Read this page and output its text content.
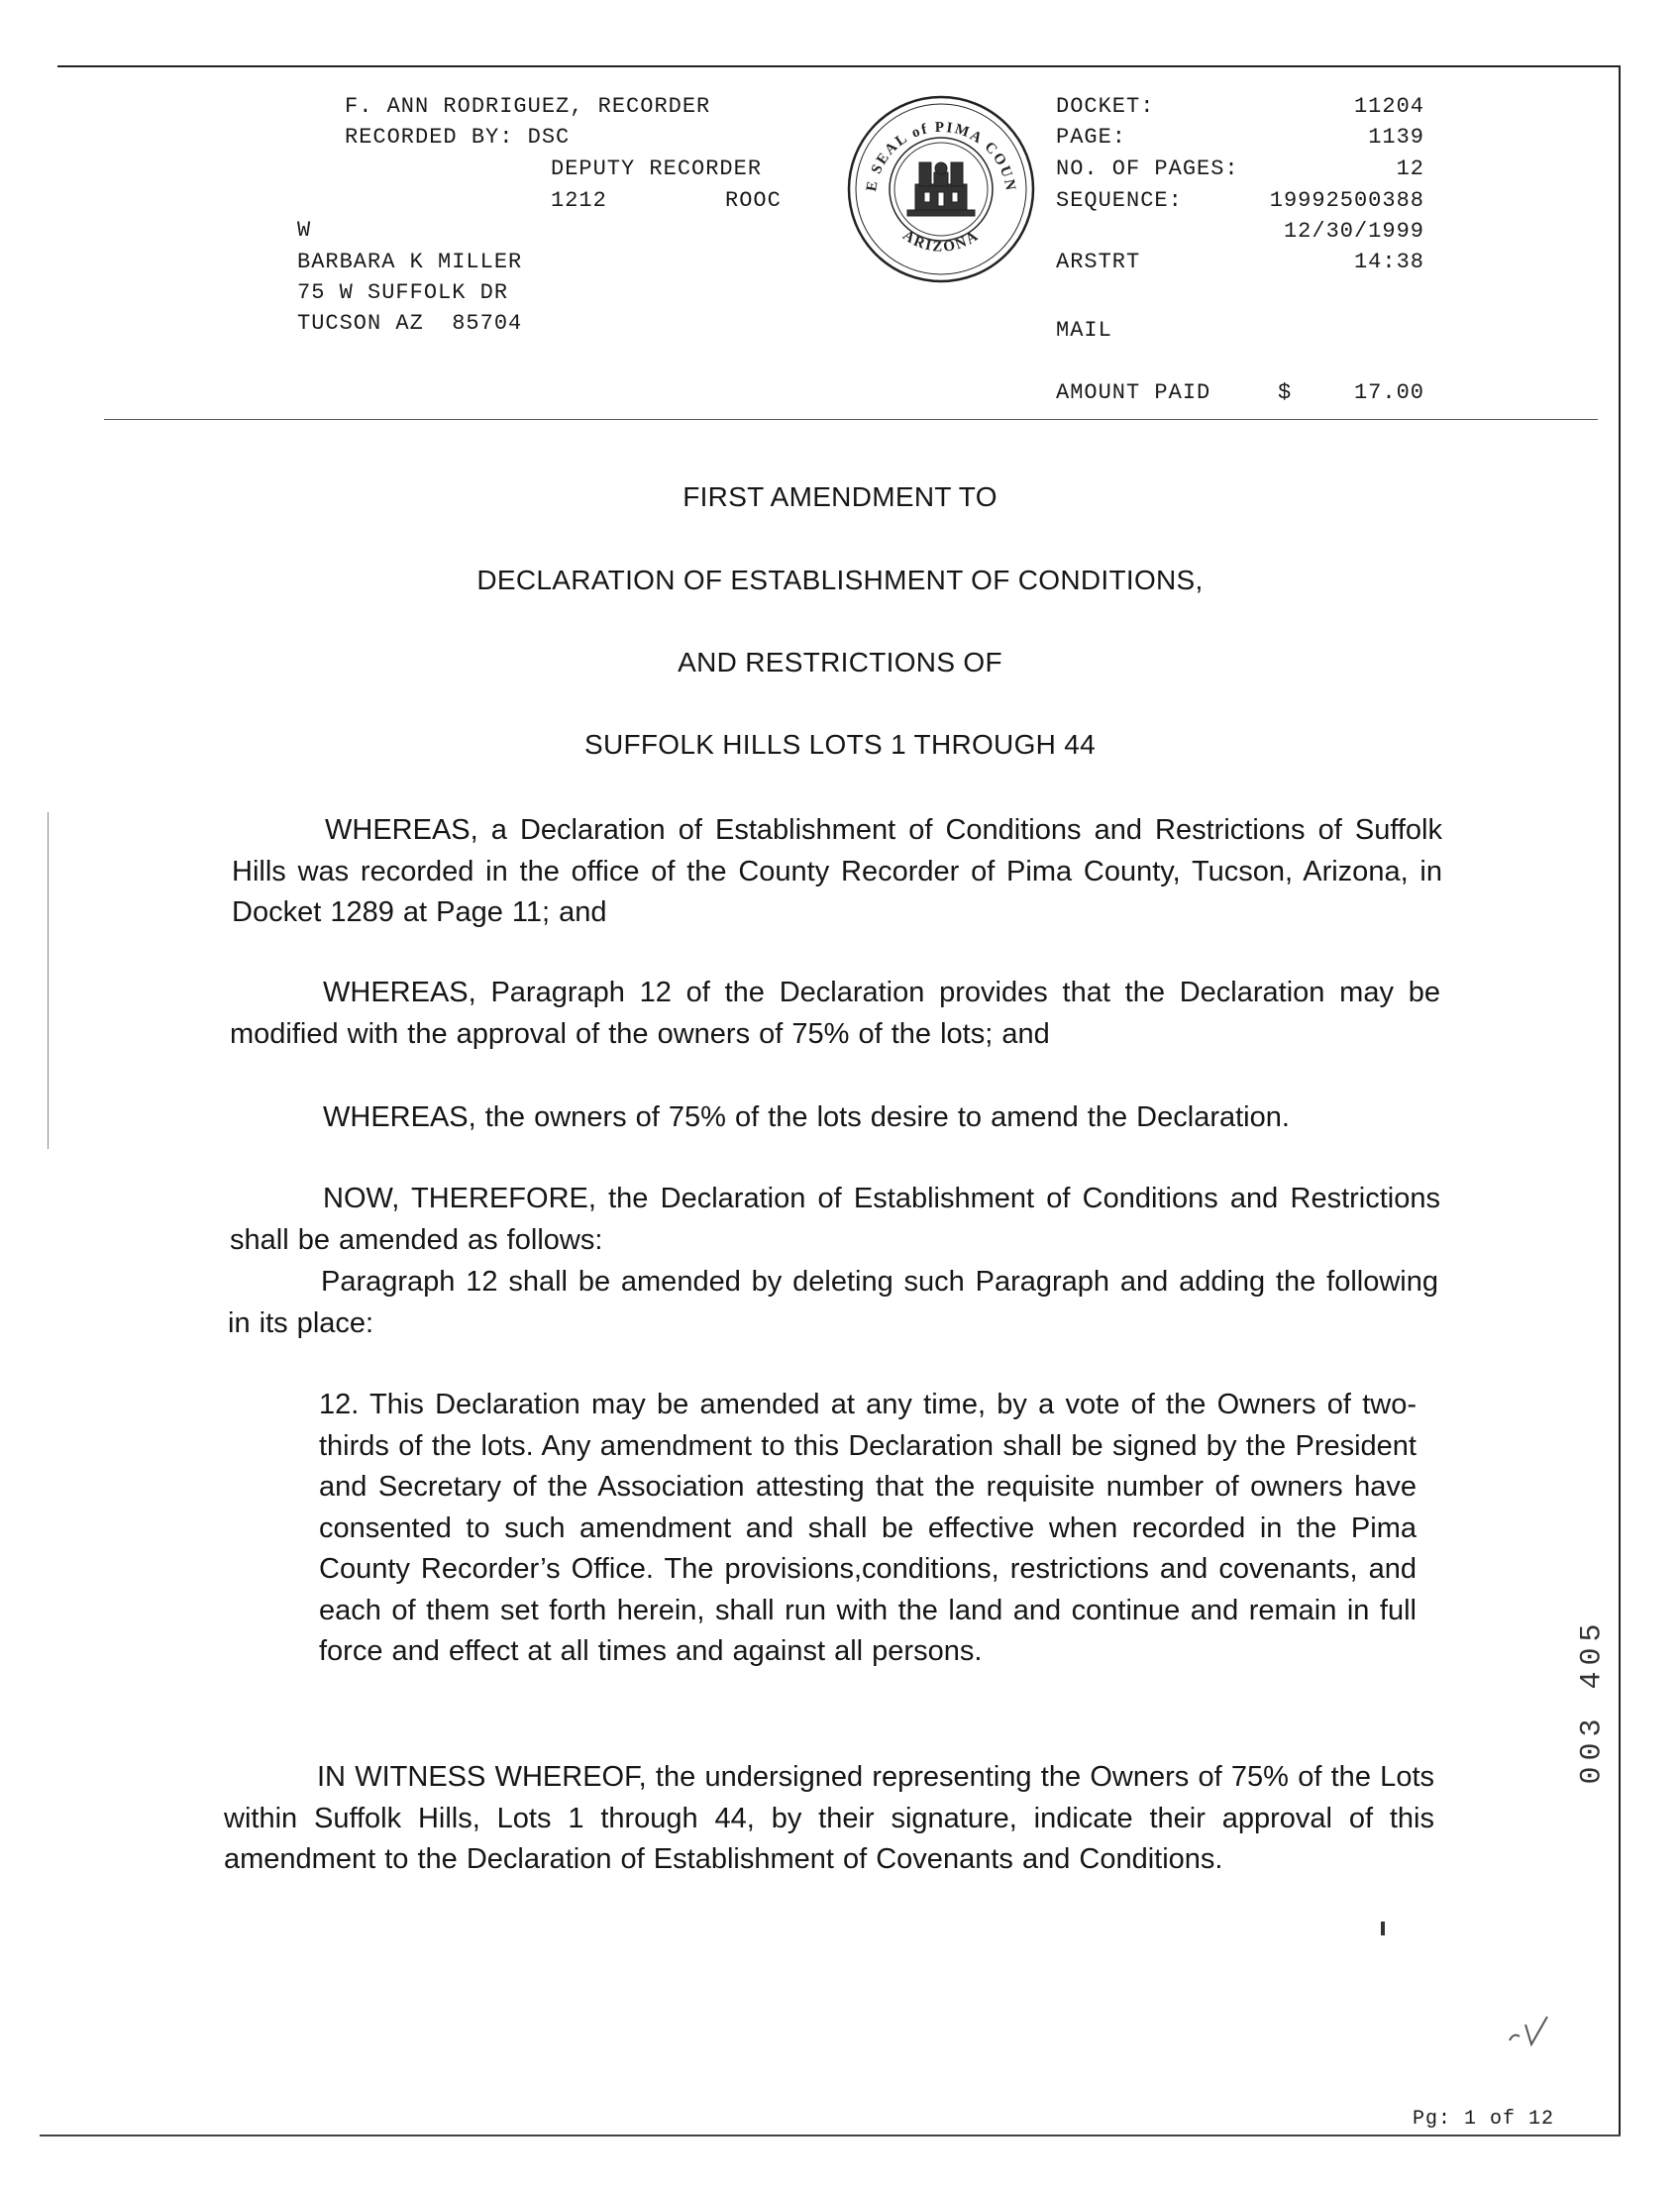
F. ANN RODRIGUEZ, RECORDER
RECORDED BY: DSC
DEPUTY RECORDER
1212	ROOC
W
BARBARA K MILLER
75 W SUFFOLK DR
TUCSON AZ  85704
E SEAL of PIMA COUN
ARIZONA
DOCKET:	11204
PAGE:	1139
NO. OF PAGES:	12
SEQUENCE:	19992500388
12/30/1999
ARSTRT	14:38
MAIL
AMOUNT PAID	$	17.00
FIRST AMENDMENT TO
DECLARATION OF ESTABLISHMENT OF CONDITIONS,
AND RESTRICTIONS OF
SUFFOLK HILLS LOTS 1 THROUGH 44

WHEREAS, a Declaration of Establishment of Conditions and Restrictions of Suffolk Hills was recorded in the office of the County Recorder of Pima County, Tucson, Arizona, in Docket 1289 at Page 11; and

WHEREAS, Paragraph 12 of the Declaration provides that the Declaration may be modified with the approval of the owners of 75% of the lots; and

WHEREAS, the owners of 75% of the lots desire to amend the Declaration.

NOW, THEREFORE, the Declaration of Establishment of Conditions and Restrictions shall be amended as follows:

Paragraph 12 shall be amended by deleting such Paragraph and adding the following in its place:

12. This Declaration may be amended at any time, by a vote of the Owners of two-thirds of the lots. Any amendment to this Declaration shall be signed by the President and Secretary of the Association attesting that the requisite number of owners have consented to such amendment and shall be effective when recorded in the Pima County Recorder’s Office. The provisions,conditions, restrictions and covenants, and each of them set forth herein, shall run with the land and continue and remain in full force and effect at all times and against all persons.

IN WITNESS WHEREOF, the undersigned representing the Owners of 75% of the Lots within Suffolk Hills, Lots 1 through 44, by their signature, indicate their approval of this amendment to the Declaration of Establishment of Covenants and Conditions.

003 405
Pg: 1 of 12
